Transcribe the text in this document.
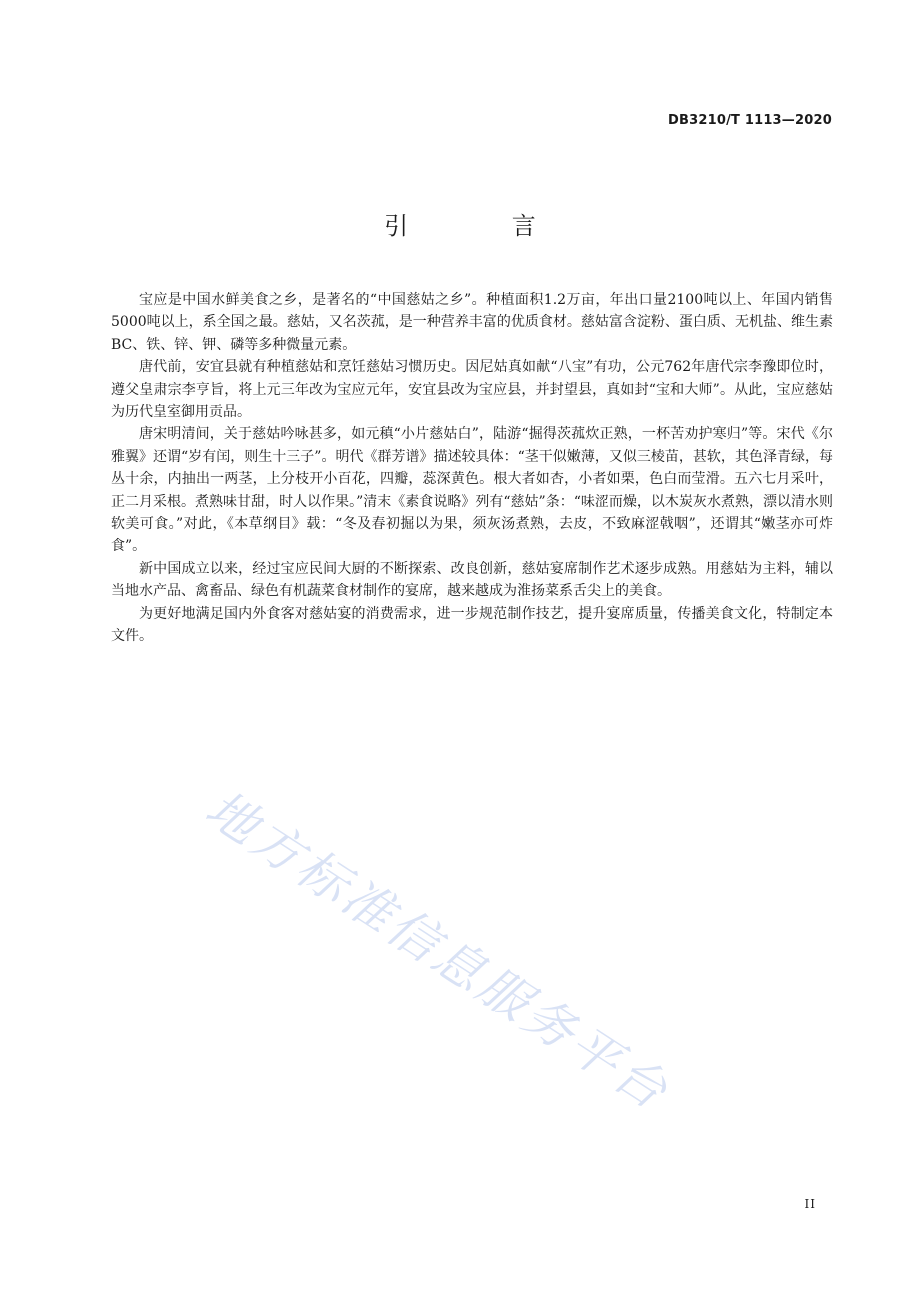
DB3210/T 1113—2020
引 言

宝应是中国水鲜美食之乡，是著名的“中国慈姑之乡”。种植面积1.2万亩，年出口量2100吨以上、年国内销售5000吨以上，系全国之最。慈姑，又名茨菰，是一种营养丰富的优质食材。慈姑富含淀粉、蛋白质、无机盐、维生素BC、铁、锌、钾、磷等多种微量元素。

唐代前，安宜县就有种植慈姑和烹饪慈姑习惯历史。因尼姑真如献“八宝”有功，公元762年唐代宗李豫即位时，遵父皇肃宗李亨旨，将上元三年改为宝应元年，安宜县改为宝应县，并封望县，真如封“宝和大师”。从此，宝应慈姑为历代皇室御用贡品。

唐宋明清间，关于慈姑吟咏甚多，如元稹“小片慈姑白”，陆游“掘得茨菰炊正熟，一杯苦劝护寒归”等。宋代《尔雅翼》还谓“岁有闰，则生十三子”。明代《群芳谱》描述较具体：“茎干似嫩薄，又似三棱苗，甚软，其色泽青绿，每丛十余，内抽出一两茎，上分枝开小百花，四瓣，蕊深黄色。根大者如杏，小者如栗，色白而莹滑。五六七月采叶，正二月采根。煮熟味甘甜，时人以作果。”清末《素食说略》列有“慈姑”条：“味涩而燥，以木炭灰水煮熟，漂以清水则软美可食。”对此，《本草纲目》载：“冬及春初掘以为果，须灰汤煮熟，去皮，不致麻涩戟咽”，还谓其“嫩茎亦可炸食”。

新中国成立以来，经过宝应民间大厨的不断探索、改良创新，慈姑宴席制作艺术逐步成熟。用慈姑为主料，辅以当地水产品、禽畜品、绿色有机蔬菜食材制作的宴席，越来越成为淮扬菜系舌尖上的美食。

为更好地满足国内外食客对慈姑宴的消费需求，进一步规范制作技艺，提升宴席质量，传播美食文化，特制定本文件。

地方标准信息服务平台
II
